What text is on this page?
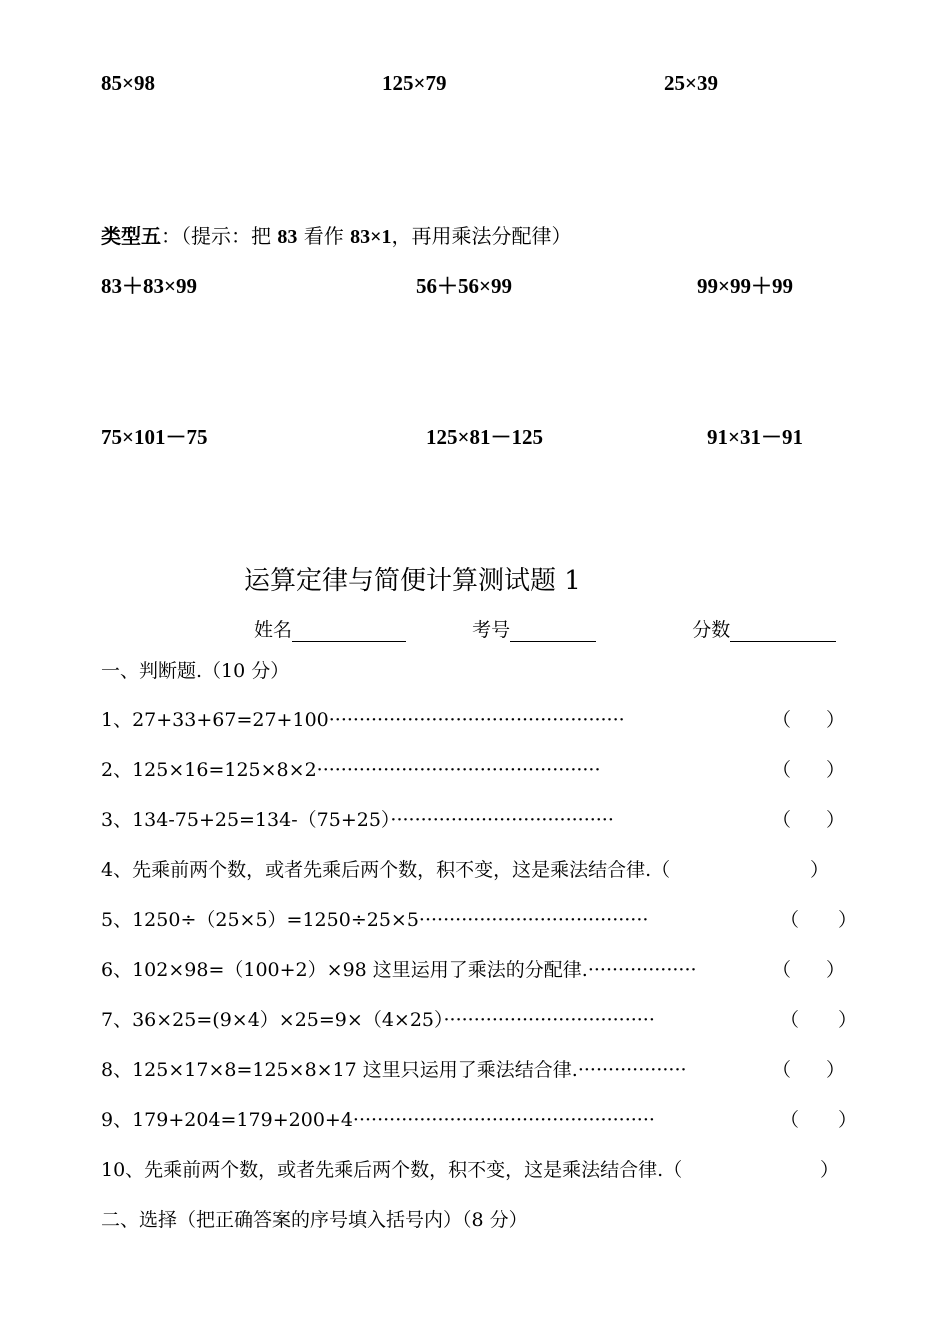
85×98	125×79	25×39
类型五：（提示：把 83 看作 83×1，再用乘法分配律）
83＋83×99	56＋56×99	99×99＋99
75×101－75	125×81－125	91×31－91
运算定律与简便计算测试题 1
姓名	考号	分数
一、判断题.（10 分）
1、27+33+67=27+100·················································	（ ）
2、125×16=125×8×2···············································	（ ）
3、134-75+25=134-（75+25）·····································	（ ）
4、先乘前两个数，或者先乘后两个数，积不变，这是乘法结合律.（	）
5、1250÷（25×5）=1250÷25×5······································	（ ）
6、102×98=（100+2）×98 这里运用了乘法的分配律.··················	（ ）
7、36×25=(9×4）×25=9×（4×25）···································	（ ）
8、125×17×8=125×8×17 这里只运用了乘法结合律.··················	（ ）
9、179+204=179+200+4··················································	（ ）
10、先乘前两个数，或者先乘后两个数，积不变，这是乘法结合律.（	）
二、选择（把正确答案的序号填入括号内）（8 分）
